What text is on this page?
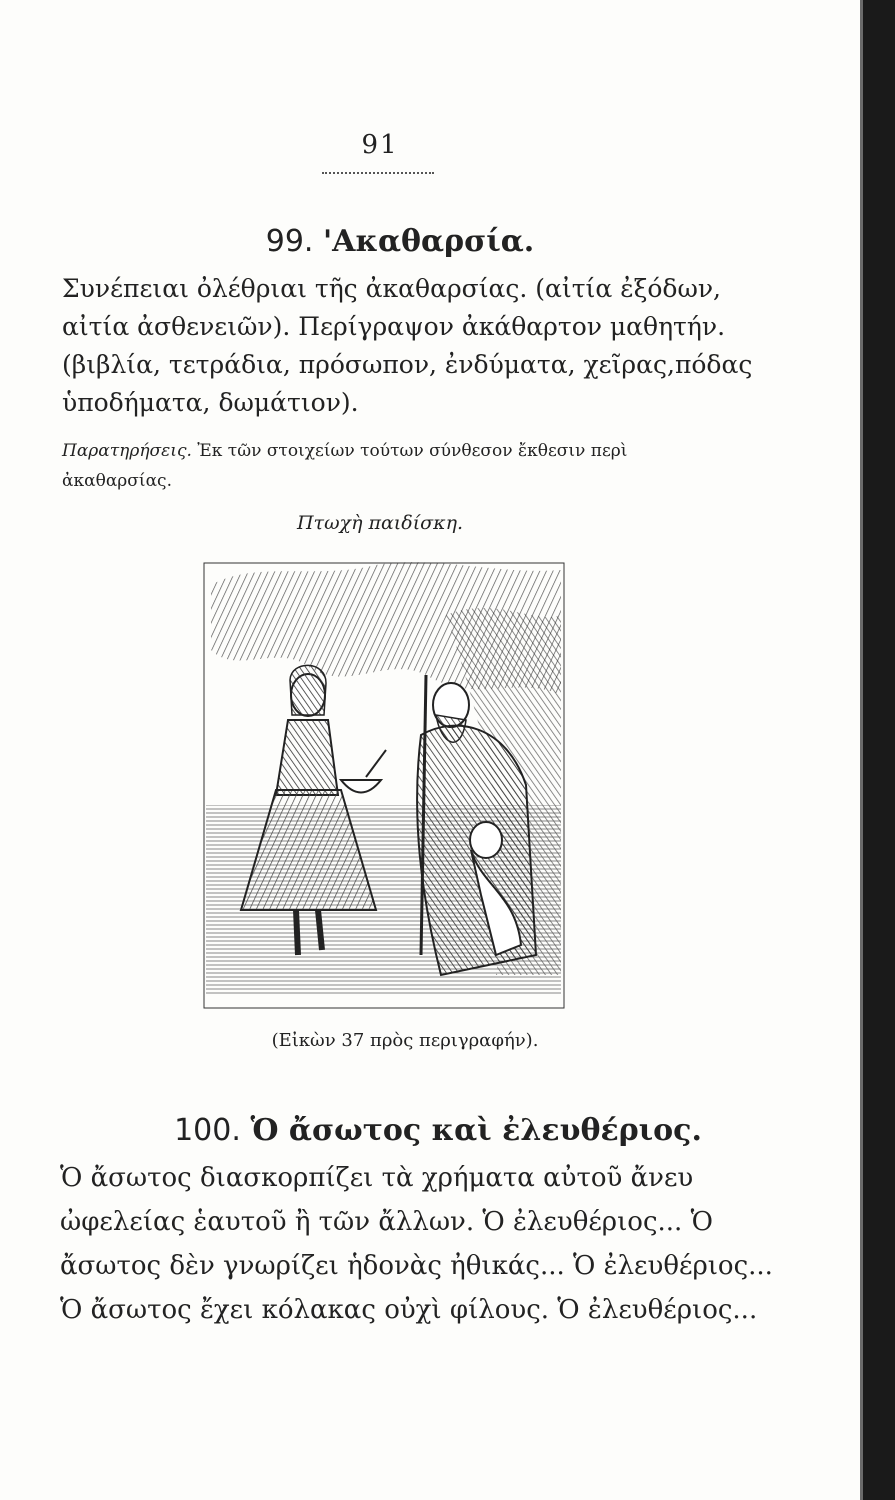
91
99. 'Ακαθαρσία.
Συνέπειαι ὀλέθριαι τῆς ἀκαθαρσίας. (αἰτία ἐξόδων,
αἰτία ἀσθενειῶν). Περίγραψον ἀκάθαρτον μαθητήν.
(βιβλία, τετράδια, πρόσωπον, ἐνδύματα, χεῖρας,πόδας
ὑποδήματα, δωμάτιον).
Παρατηρήσεις. Ἐκ τῶν στοιχείων τούτων σύνθεσον ἔκθεσιν περὶ
ἀκαθαρσίας.
Πτωχὴ παιδίσκη.
(Εἰκὼν 37 πρὸς περιγραφήν).
100. Ὁ ἄσωτος καὶ ἐλευθέριος.
Ὁ ἄσωτος διασκορπίζει τὰ χρήματα αὐτοῦ ἄνευ
ὠφελείας ἑαυτοῦ ἢ τῶν ἄλλων. Ὁ ἐλευθέριος... Ὁ
ἄσωτος δὲν γνωρίζει ἡδονὰς ἠθικάς... Ὁ ἐλευθέριος...
Ὁ ἄσωτος ἔχει κόλακας οὐχὶ φίλους. Ὁ ἐλευθέριος...
